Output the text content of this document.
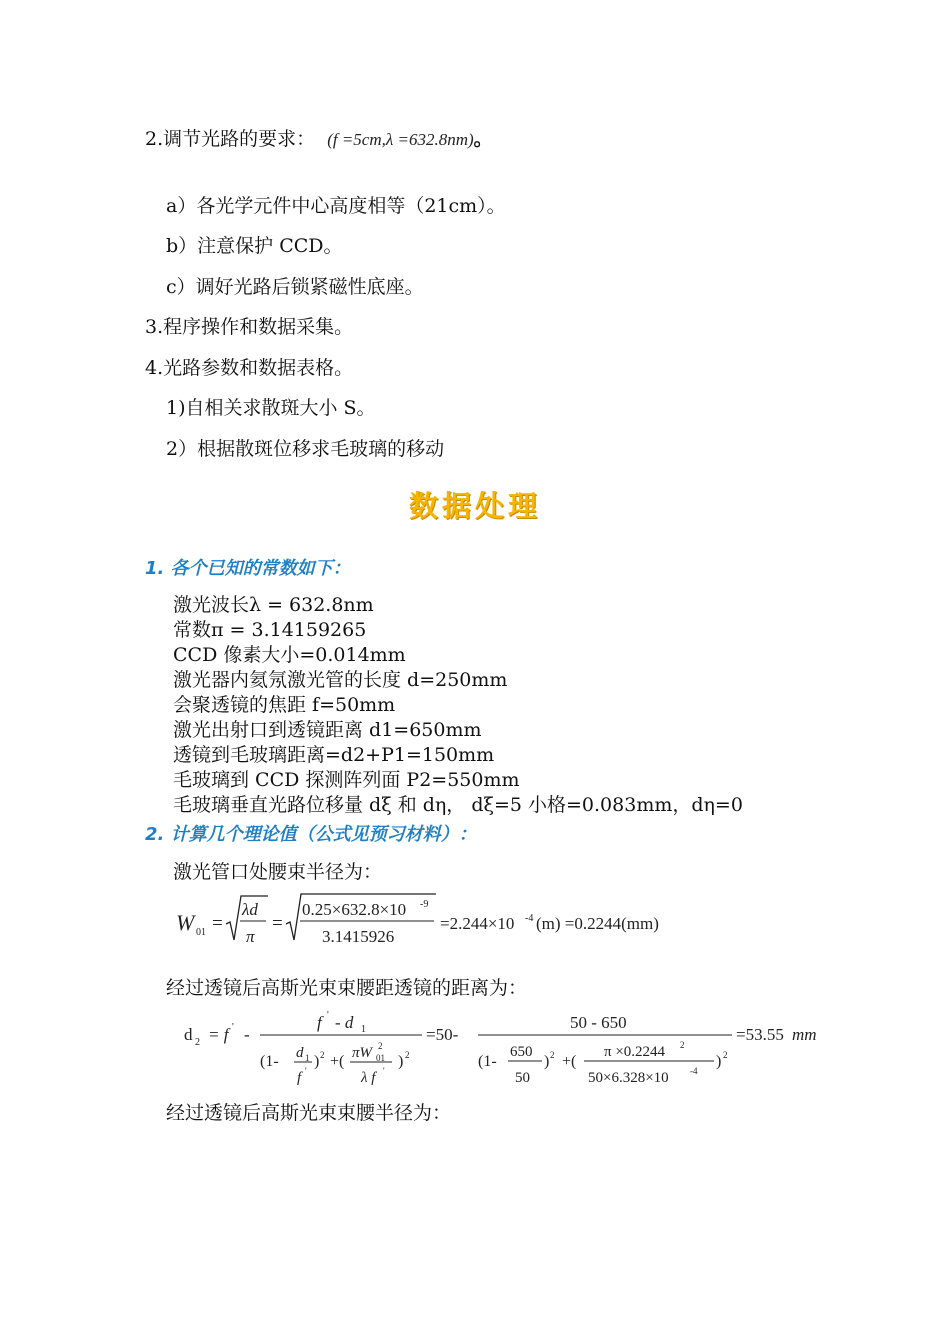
2.调节光路的要求： (f =5cm,λ =632.8nm)。
a）各光学元件中心高度相等（21cm）。
b）注意保护 CCD。
c）调好光路后锁紧磁性底座。
3.程序操作和数据采集。
4.光路参数和数据表格。
1)自相关求散斑大小 S。
2）根据散斑位移求毛玻璃的移动
数据处理
1. 各个已知的常数如下：
激光波长λ = 632.8nm
常数π = 3.14159265
CCD 像素大小=0.014mm
激光器内氦氖激光管的长度 d=250mm
会聚透镜的焦距 f=50mm
激光出射口到透镜距离 d1=650mm
透镜到毛玻璃距离=d2+P1=150mm
毛玻璃到 CCD 探测阵列面 P2=550mm
毛玻璃垂直光路位移量 dξ 和 dη， dξ=5 小格=0.083mm，dη=0
2. 计算几个理论值（公式见预习材料）：
激光管口处腰束半径为：
W 01 =
λd
π
=
0.25×632.8×10 -9
3.1415926
=2.244×10 -4 (m) =0.2244(mm)
经过透镜后高斯光束束腰距透镜的距离为：
d 2 = f ' -
f ' - d 1
(1- d 1
f '
) 2 +( πW 01
2
λ f '
) 2
=50-
50 - 650
(1-
650
50
) 2 +(
π ×0.2244 2
50×6.328×10 -4
) 2
=53.55 mm
经过透镜后高斯光束束腰半径为：
